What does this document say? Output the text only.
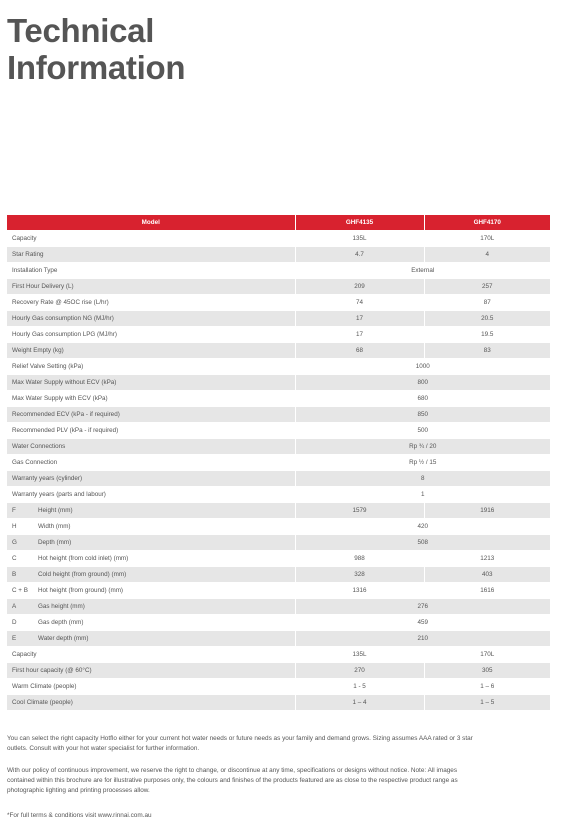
Technical
Information
Model	GHF4135	GHF4170
Capacity	135L	170L
Star Rating	4.7	4
Installation Type	External	
First Hour Delivery (L)	209	257
Recovery Rate @ 45OC rise (L/hr)	74	87
Hourly Gas consumption NG (MJ/hr)	17	20.5
Hourly Gas consumption LPG (MJ/hr)	17	19.5
Weight Empty (kg)	68	83
Relief Valve Setting (kPa)	1000	
Max Water Supply without ECV (kPa)	800	
Max Water Supply with ECV (kPa)	680	
Recommended ECV (kPa - if required)	850	
Recommended PLV (kPa - if required)	500	
Water Connections	Rp ¾ / 20	
Gas Connection	Rp ½ / 15	
Warranty years (cylinder)	8	
Warranty years (parts and labour)	1	
F Height (mm)	1579	1916
H Width (mm)	420	
G Depth (mm)	508	
C Hot height (from cold inlet) (mm)	988	1213
B Cold height (from ground) (mm)	328	403
C + B Hot height (from ground) (mm)	1316	1616
A Gas height (mm)	276	
D Gas depth (mm)	459	
E Water depth (mm)	210	
Capacity	135L	170L
First hour capacity (@ 60°C)	270	305
Warm Climate (people)	1 - 5	1 – 6
Cool Climate (people)	1 – 4	1 – 5

You can select the right capacity Hotflo either for your current hot water needs or future needs as your family and demand grows. Sizing assumes AAA rated or 3 star outlets. Consult with your hot water specialist for further information.

With our policy of continuous improvement, we reserve the right to change, or discontinue at any time, specifications or designs without notice. Note: All images contained within this brochure are for illustrative purposes only, the colours and finishes of the products featured are as close to the respective product range as photographic lighting and printing processes allow.

*For full terms & conditions visit www.rinnai.com.au
